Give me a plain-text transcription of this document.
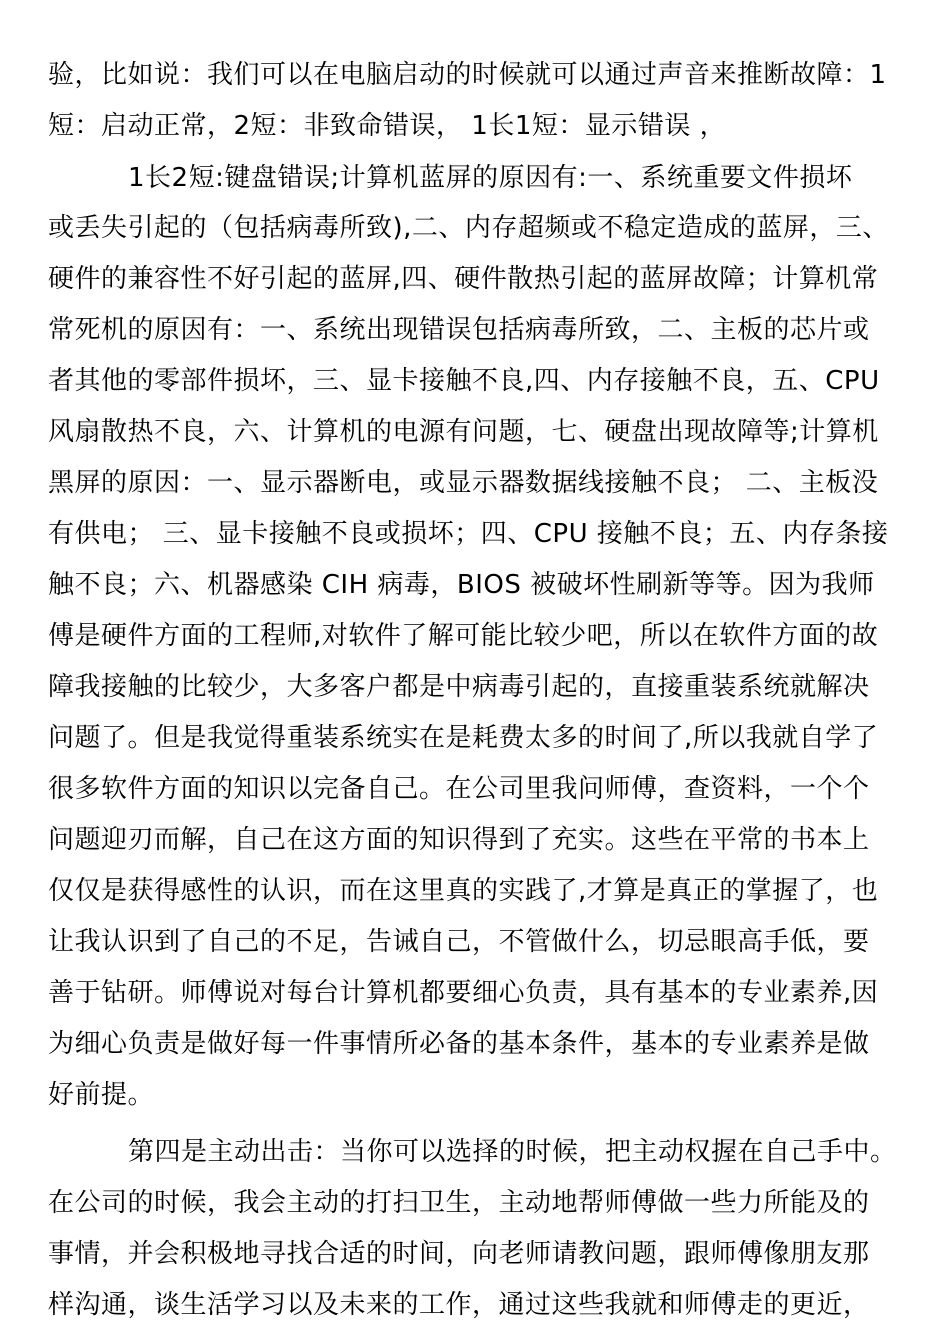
验，比如说：我们可以在电脑启动的时候就可以通过声音来推断故障：1
短：启动正常，2短：非致命错误， 1长1短：显示错误 ，
1长2短:键盘错误;计算机蓝屏的原因有:一、系统重要文件损坏
或丢失引起的（包括病毒所致),二、内存超频或不稳定造成的蓝屏，三、
硬件的兼容性不好引起的蓝屏,四、硬件散热引起的蓝屏故障；计算机常
常死机的原因有：一、系统出现错误包括病毒所致，二、主板的芯片或
者其他的零部件损坏，三、显卡接触不良,四、内存接触不良，五、CPU
风扇散热不良，六、计算机的电源有问题，七、硬盘出现故障等;计算机
黑屏的原因：一、显示器断电，或显示器数据线接触不良； 二、主板没
有供电； 三、显卡接触不良或损坏；四、CPU 接触不良；五、内存条接
触不良；六、机器感染 CIH 病毒，BIOS 被破坏性刷新等等。因为我师
傅是硬件方面的工程师,对软件了解可能比较少吧，所以在软件方面的故
障我接触的比较少，大多客户都是中病毒引起的，直接重装系统就解决
问题了。但是我觉得重装系统实在是耗费太多的时间了,所以我就自学了
很多软件方面的知识以完备自己。在公司里我问师傅，查资料，一个个
问题迎刃而解，自己在这方面的知识得到了充实。这些在平常的书本上
仅仅是获得感性的认识，而在这里真的实践了,才算是真正的掌握了，也
让我认识到了自己的不足，告诫自己，不管做什么，切忌眼高手低，要
善于钻研。师傅说对每台计算机都要细心负责，具有基本的专业素养,因
为细心负责是做好每一件事情所必备的基本条件，基本的专业素养是做
好前提。
第四是主动出击：当你可以选择的时候，把主动权握在自己手中。
在公司的时候，我会主动的打扫卫生，主动地帮师傅做一些力所能及的
事情，并会积极地寻找合适的时间，向老师请教问题，跟师傅像朋友那
样沟通，谈生活学习以及未来的工作，通过这些我就和师傅走的更近，
